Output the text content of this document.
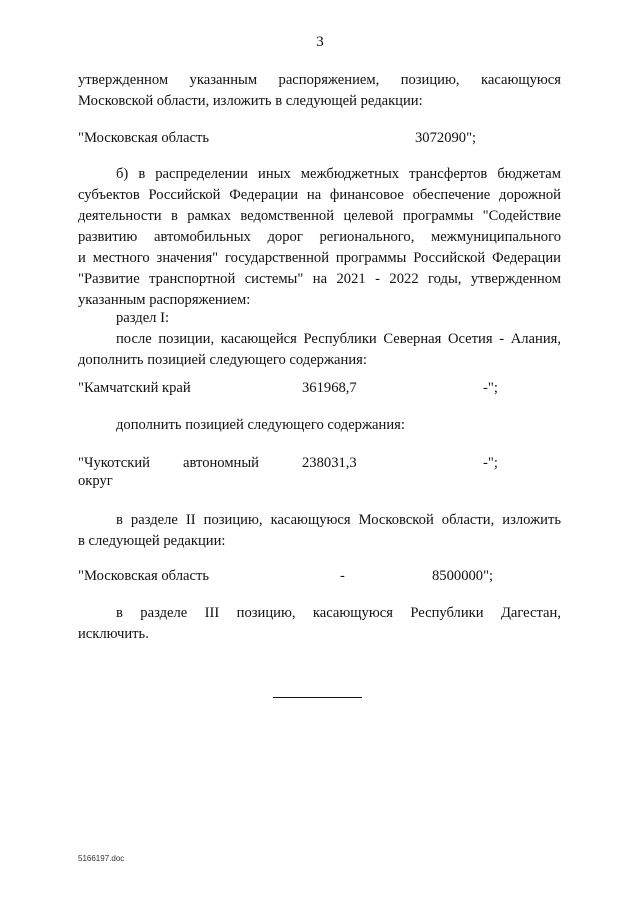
3
утвержденном указанным распоряжением, позицию, касающуюся
Московской области, изложить в следующей редакции:
"Московская область	3072090";
б) в распределении иных межбюджетных трансфертов бюджетам
субъектов Российской Федерации на финансовое обеспечение дорожной
деятельности в рамках ведомственной целевой программы "Содействие
развитию автомобильных дорог регионального, межмуниципального
и местного значения" государственной программы Российской Федерации
"Развитие транспортной системы" на 2021 - 2022 годы, утвержденном
указанным распоряжением:
раздел I:
после позиции, касающейся Республики Северная Осетия - Алания,
дополнить позицией следующего содержания:
"Камчатский край	361968,7	-";
дополнить позицией следующего содержания:
"Чукотский автономный	238031,3	-";
округ
в разделе II позицию, касающуюся Московской области, изложить
в следующей редакции:
"Московская область	-	8500000";
в разделе III позицию, касающуюся Республики Дагестан,
исключить.
5166197.doc
